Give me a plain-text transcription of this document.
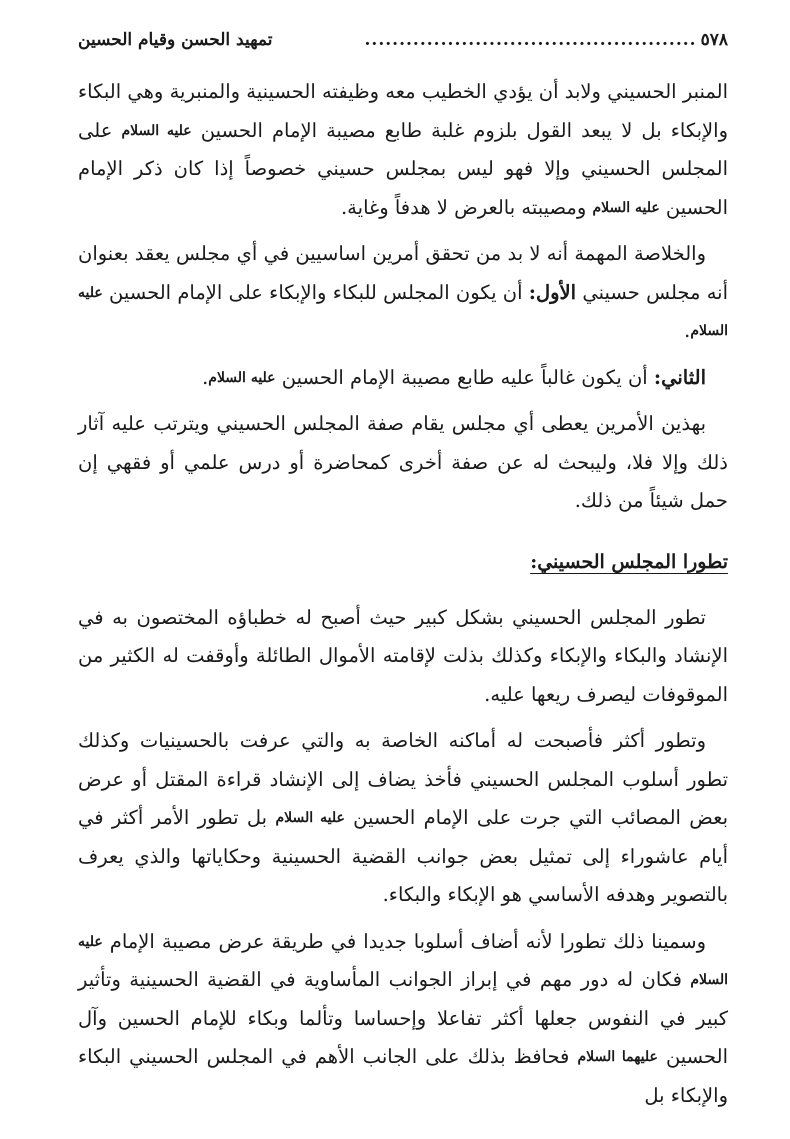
٥٧٨
................................................
تمهيد الحسن وقيام الحسين

المنبر الحسيني ولابد أن يؤدي الخطيب معه وظيفته الحسينية والمنبرية وهي البكاء والإبكاء بل لا يبعد القول بلزوم غلبة طابع مصيبة الإمام الحسين عليه السلام على المجلس الحسيني وإلا فهو ليس بمجلس حسيني خصوصاً إذا كان ذكر الإمام الحسين عليه السلام ومصيبته بالعرض لا هدفاً وغاية.

والخلاصة المهمة أنه لا بد من تحقق أمرين اساسيين في أي مجلس يعقد بعنوان أنه مجلس حسيني الأول: أن يكون المجلس للبكاء والإبكاء على الإمام الحسين عليه السلام.

الثاني: أن يكون غالباً عليه طابع مصيبة الإمام الحسين عليه السلام.

بهذين الأمرين يعطى أي مجلس يقام صفة المجلس الحسيني ويترتب عليه آثار ذلك وإلا فلا، وليبحث له عن صفة أخرى كمحاضرة أو درس علمي أو فقهي إن حمل شيئاً من ذلك.

تطورا المجلس الحسيني:

تطور المجلس الحسيني بشكل كبير حيث أصبح له خطباؤه المختصون به في الإنشاد والبكاء والإبكاء وكذلك بذلت لإقامته الأموال الطائلة وأوقفت له الكثير من الموقوفات ليصرف ريعها عليه.

وتطور أكثر فأصبحت له أماكنه الخاصة به والتي عرفت بالحسينيات وكذلك تطور أسلوب المجلس الحسيني فأخذ يضاف إلى الإنشاد قراءة المقتل أو عرض بعض المصائب التي جرت على الإمام الحسين عليه السلام بل تطور الأمر أكثر في أيام عاشوراء إلى تمثيل بعض جوانب القضية الحسينية وحكاياتها والذي يعرف بالتصوير وهدفه الأساسي هو الإبكاء والبكاء.

وسمينا ذلك تطورا لأنه أضاف أسلوبا جديدا في طريقة عرض مصيبة الإمام عليه السلام فكان له دور مهم في إبراز الجوانب المأساوية في القضية الحسينية وتأثير كبير في النفوس جعلها أكثر تفاعلا وإحساسا وتألما وبكاء للإمام الحسين وآل الحسين عليهما السلام فحافظ بذلك على الجانب الأهم في المجلس الحسيني البكاء والإبكاء بل
